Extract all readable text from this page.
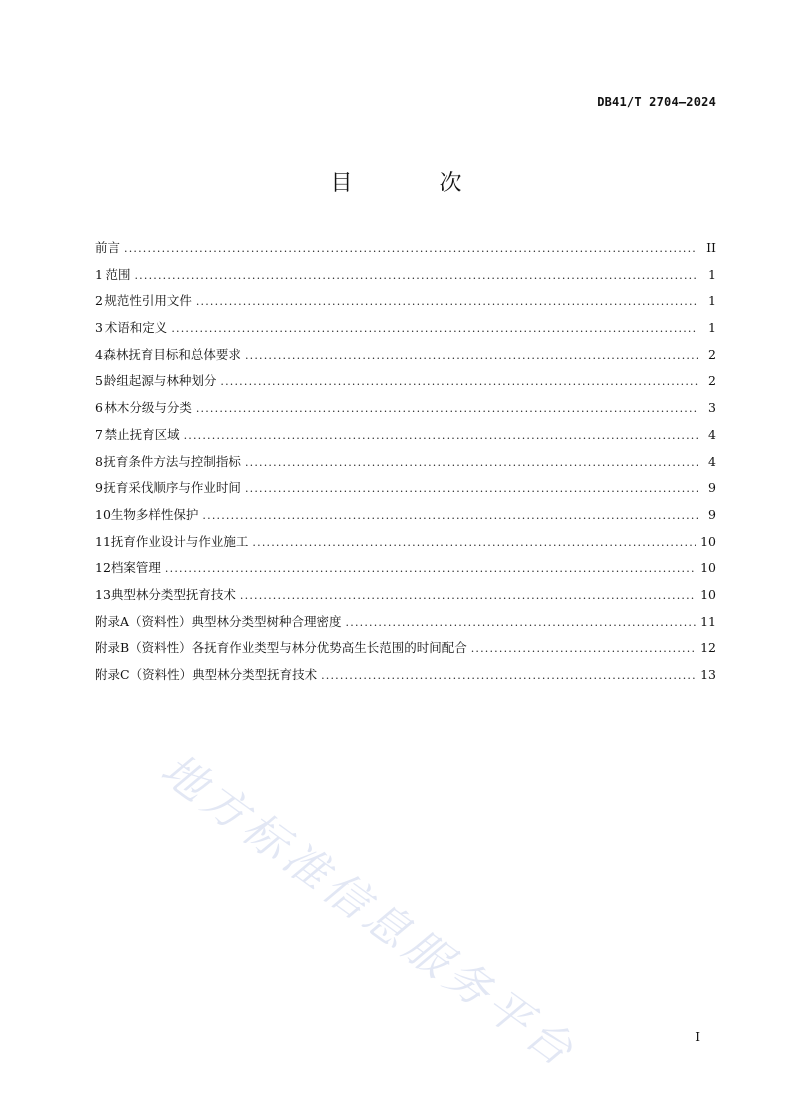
DB41/T 2704—2024
目 次
前言 .....	II
1 范围 .....	1
2 规范性引用文件 .....	1
3 术语和定义 .....	1
4 森林抚育目标和总体要求 .....	2
5 龄组起源与林种划分 .....	2
6 林木分级与分类 .....	3
7 禁止抚育区域 .....	4
8 抚育条件方法与控制指标 .....	4
9 抚育采伐顺序与作业时间 .....	9
10 生物多样性保护 .....	9
11 抚育作业设计与作业施工 .....	10
12 档案管理 .....	10
13 典型林分类型抚育技术 .....	10
附录A（资料性） 典型林分类型树种合理密度 .....	11
附录B（资料性） 各抚育作业类型与林分优势高生长范围的时间配合 .....	12
附录C（资料性） 典型林分类型抚育技术 .....	13
地方标准信息服务平台	I
